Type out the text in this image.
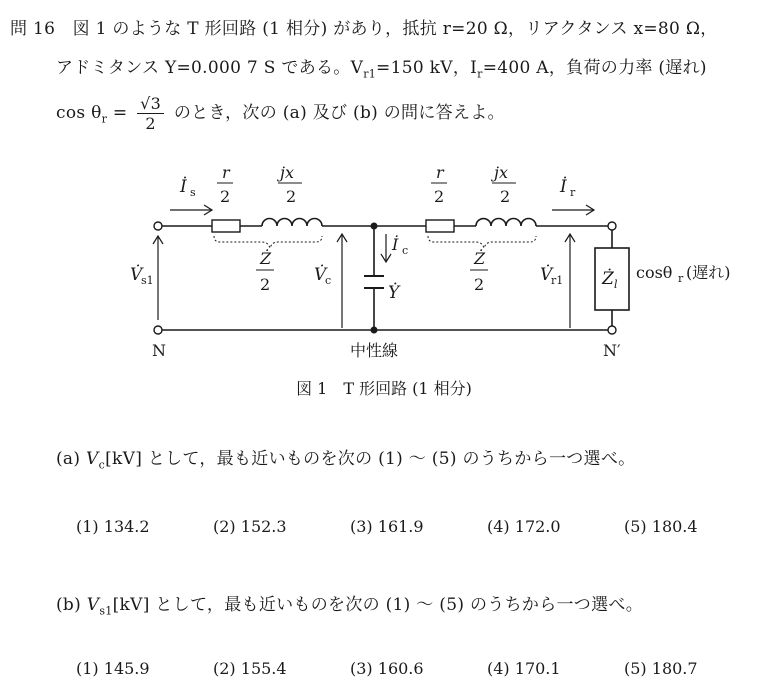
問 16　 図 1 のような T 形回路 (1 相分) があり，抵抗 r=20 Ω，リアクタンス x=80 Ω，
アドミタンス Y=0.000 7 S である。$V_{r1}=150$ kV，$I_r=400$ A，負荷の力率 (遅れ)
$\cos \theta_r = \frac{√3}{2}$ のとき，次の (a) 及び (b) の問に答えよ。
İ s
r
2
jx
2
r
2
jx
2	İ r
İ c
Ẏ
Ż
2
Ż
2
V̇
s1	V̇
c	V̇
r1 Ż l
cosθ r (遅れ)
N	N′
中性線
図 1　T 形回路 (1 相分)
(a) $V_c[kV]$ として，最も近いものを次の (1) ～ (5) のうちから一つ選べ。
(1) 134.2	(2) 152.3	(3) 161.9	(4) 172.0	(5) 180.4
(b) $V_{s1}[kV]$ として，最も近いものを次の (1) ～ (5) のうちから一つ選べ。
(1) 145.9	(2) 155.4	(3) 160.6	(4) 170.1	(5) 180.7
